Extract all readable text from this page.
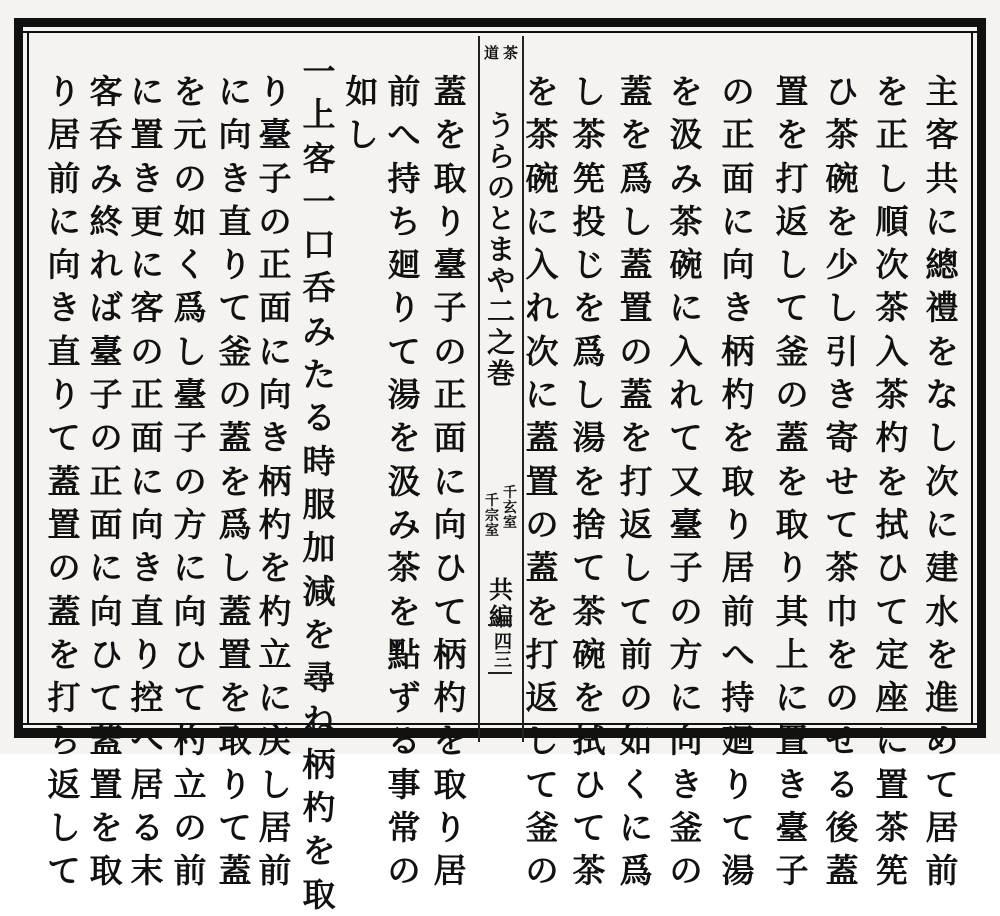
茶
道
う
ら
の
と
ま
や
二
之
巻
千
玄
室
千
宗
室
共
編
四三
主
客
共
に
總
禮
を
な
し
次
に
建
水
を
進
め
て
居
前
を
正
し
順
次
茶
入
茶
杓
を
拭
ひ
て
定
座
に
置
茶
筅
ひ
茶
碗
を
少
し
引
き
寄
せ
て
茶
巾
を
の
せ
る
後
蓋
置
を
打
返
し
て
釜
の
蓋
を
取
り
其
上
に
置
き
臺
子
の
正
面
に
向
き
柄
杓
を
取
り
居
前
へ
持
廻
り
て
湯
を
汲
み
茶
碗
に
入
れ
て
又
臺
子
の
方
に
向
き
釜
の
蓋
を
爲
し
蓋
置
の
蓋
を
打
返
し
て
前
の
如
く
に
爲
し
茶
筅
投
じ
を
爲
し
湯
を
捨
て
茶
碗
を
拭
ひ
て
茶
を
茶
碗
に
入
れ
次
に
蓋
置
の
蓋
を
打
返
し
て
釜
の
蓋
を
取
り
臺
子
の
正
面
に
向
ひ
て
柄
杓
を
取
り
居
前
へ
持
ち
廻
り
て
湯
を
汲
み
茶
を
點
ず
る
事
常
の
如
し
一
上
客
一
口
呑
み
た
る
時
服
加
減
を
尋
ね
柄
杓
を
取
り
臺
子
の
正
面
に
向
き
柄
杓
を
杓
立
に
戻
し
居
前
に
向
き
直
り
て
釜
の
蓋
を
爲
し
蓋
置
を
取
り
て
蓋
を
元
の
如
く
爲
し
臺
子
の
方
に
向
ひ
て
杓
立
の
前
に
置
き
更
に
客
の
正
面
に
向
き
直
り
控
へ
居
る
末
客
呑
み
終
れ
ば
臺
子
の
正
面
に
向
ひ
て
蓋
置
を
取
り
居
前
に
向
き
直
り
て
蓋
置
の
蓋
を
打
ち
返
し
て
